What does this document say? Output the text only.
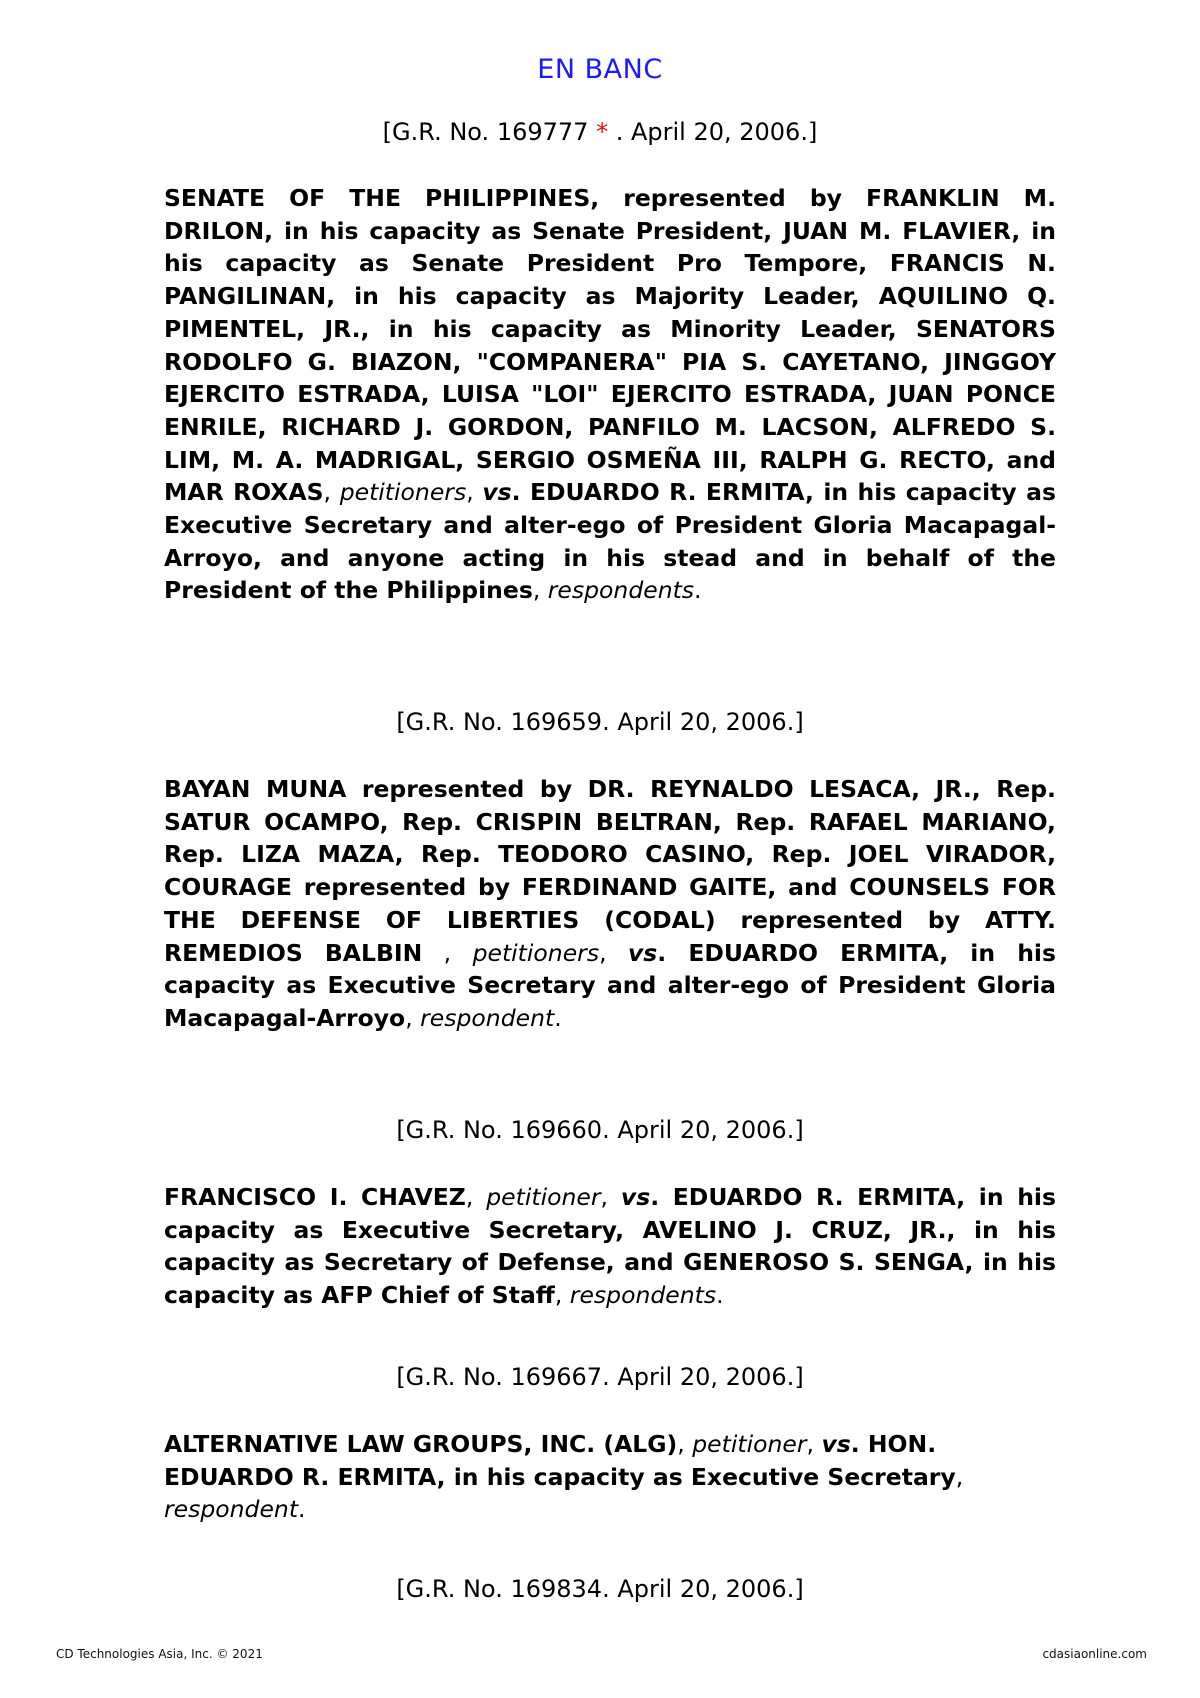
EN BANC
[G.R. No. 169777 * . April 20, 2006.]

SENATE OF THE PHILIPPINES, represented by FRANKLIN M. DRILON, in his capacity as Senate President, JUAN M. FLAVIER, in his capacity as Senate President Pro Tempore, FRANCIS N. PANGILINAN, in his capacity as Majority Leader, AQUILINO Q. PIMENTEL, JR., in his capacity as Minority Leader, SENATORS RODOLFO G. BIAZON, "COMPANERA" PIA S. CAYETANO, JINGGOY EJERCITO ESTRADA, LUISA "LOI" EJERCITO ESTRADA, JUAN PONCE ENRILE, RICHARD J. GORDON, PANFILO M. LACSON, ALFREDO S. LIM, M. A. MADRIGAL, SERGIO OSMEÑA III, RALPH G. RECTO, and MAR ROXAS, petitioners, vs. EDUARDO R. ERMITA, in his capacity as Executive Secretary and alter-ego of President Gloria Macapagal-Arroyo, and anyone acting in his stead and in behalf of the President of the Philippines, respondents.

[G.R. No. 169659. April 20, 2006.]

BAYAN MUNA represented by DR. REYNALDO LESACA, JR., Rep. SATUR OCAMPO, Rep. CRISPIN BELTRAN, Rep. RAFAEL MARIANO, Rep. LIZA MAZA, Rep. TEODORO CASINO, Rep. JOEL VIRADOR, COURAGE represented by FERDINAND GAITE, and COUNSELS FOR THE DEFENSE OF LIBERTIES (CODAL) represented by ATTY. REMEDIOS BALBIN , petitioners, vs. EDUARDO ERMITA, in his capacity as Executive Secretary and alter-ego of President Gloria Macapagal-Arroyo, respondent.

[G.R. No. 169660. April 20, 2006.]

FRANCISCO I. CHAVEZ, petitioner, vs. EDUARDO R. ERMITA, in his capacity as Executive Secretary, AVELINO J. CRUZ, JR., in his capacity as Secretary of Defense, and GENEROSO S. SENGA, in his capacity as AFP Chief of Staff, respondents.

[G.R. No. 169667. April 20, 2006.]

ALTERNATIVE LAW GROUPS, INC. (ALG), petitioner, vs. HON. EDUARDO R. ERMITA, in his capacity as Executive Secretary, respondent.

[G.R. No. 169834. April 20, 2006.]
CD Technologies Asia, Inc. © 2021	cdasiaonline.com
